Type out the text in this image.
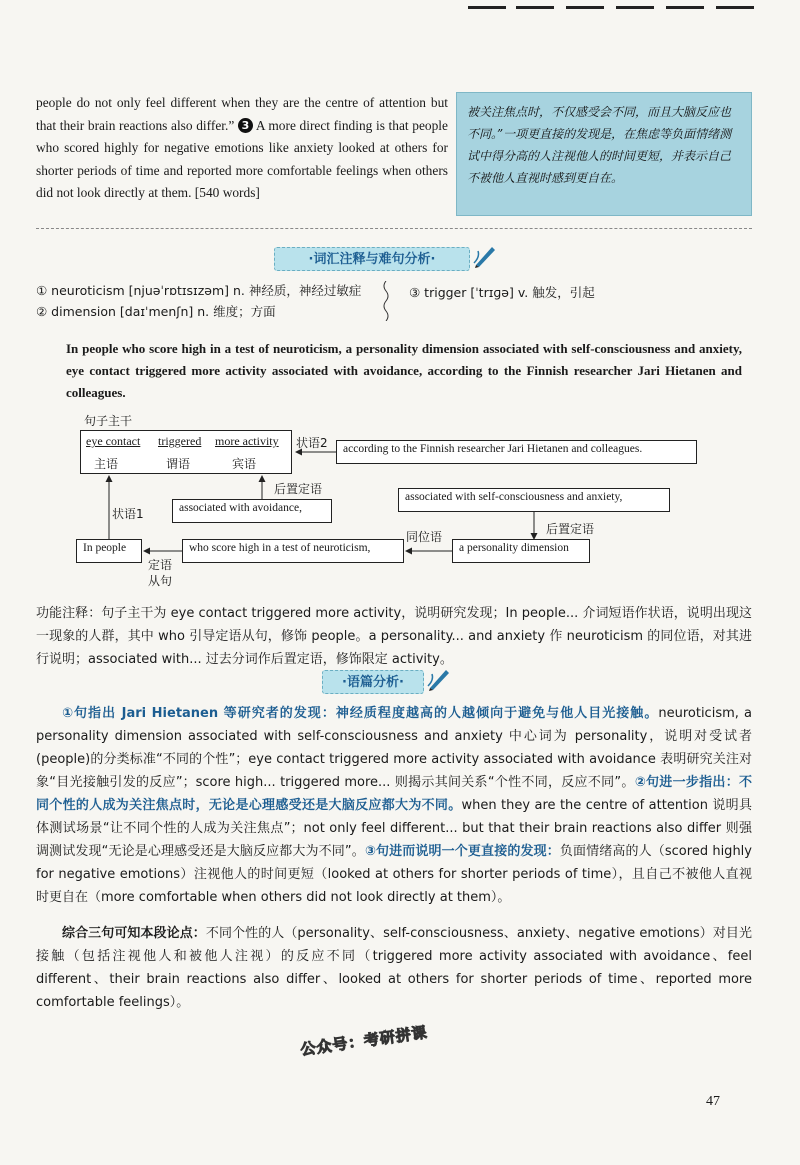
people do not only feel different when they are the centre of attention but that their brain reactions also differ.” 3 A more direct finding is that people who scored highly for negative emotions like anxiety looked at others for shorter periods of time and reported more comfortable feelings when others did not look directly at them. [540 words]
被关注焦点时，不仅感受会不同，而且大脑反应也不同。”一项更直接的发现是，在焦虑等负面情绪测试中得分高的人注视他人的时间更短，并表示自己不被他人直视时感到更自在。
·词汇注释与难句分析·
① neuroticism [njuəˈrɒtɪsɪzəm] n. 神经质，神经过敏症
② dimension [daɪˈmenʃn] n. 维度；方面
③ trigger [ˈtrɪɡə] v. 触发，引起
In people who score high in a test of neuroticism, a personality dimension associated with self-consciousness and anxiety, eye contact triggered more activity associated with avoidance, according to the Finnish researcher Jari Hietanen and colleagues.
句子主干
eye contact triggered more activity
主语	谓语	宾语
状语2	according to the Finnish researcher Jari Hietanen and colleagues.
后置定语
associated with avoidance,
状语1
associated with self-consciousness and anxiety,
后置定语
In people
定语
从句
who score high in a test of neuroticism,
同位语
a personality dimension
功能注释：句子主干为 eye contact triggered more activity，说明研究发现；In people... 介词短语作状语，说明出现这一现象的人群，其中 who 引导定语从句，修饰 people。a personality... and anxiety 作 neuroticism 的同位语，对其进行说明；associated with... 过去分词作后置定语，修饰限定 activity。
·语篇分析·
①句指出 Jari Hietanen 等研究者的发现：神经质程度越高的人越倾向于避免与他人目光接触。neuroticism, a personality dimension associated with self-consciousness and anxiety 中心词为 personality，说明对受试者(people)的分类标准“不同的个性”；eye contact triggered more activity associated with avoidance 表明研究关注对象“目光接触引发的反应”；score high... triggered more... 则揭示其间关系“个性不同，反应不同”。②句进一步指出：不同个性的人成为关注焦点时，无论是心理感受还是大脑反应都大为不同。when they are the centre of attention 说明具体测试场景“让不同个性的人成为关注焦点”；not only feel different... but that their brain reactions also differ 则强调测试发现“无论是心理感受还是大脑反应都大为不同”。③句进而说明一个更直接的发现：负面情绪高的人（scored highly for negative emotions）注视他人的时间更短（looked at others for shorter periods of time），且自己不被他人直视时更自在（more comfortable when others did not look directly at them）。
综合三句可知本段论点：不同个性的人（personality、self-consciousness、anxiety、negative emotions）对目光接触（包括注视他人和被他人注视）的反应不同（triggered more activity associated with avoidance、feel different、their brain reactions also differ、looked at others for shorter periods of time、reported more comfortable feelings）。
公众号：考研拼课
47
